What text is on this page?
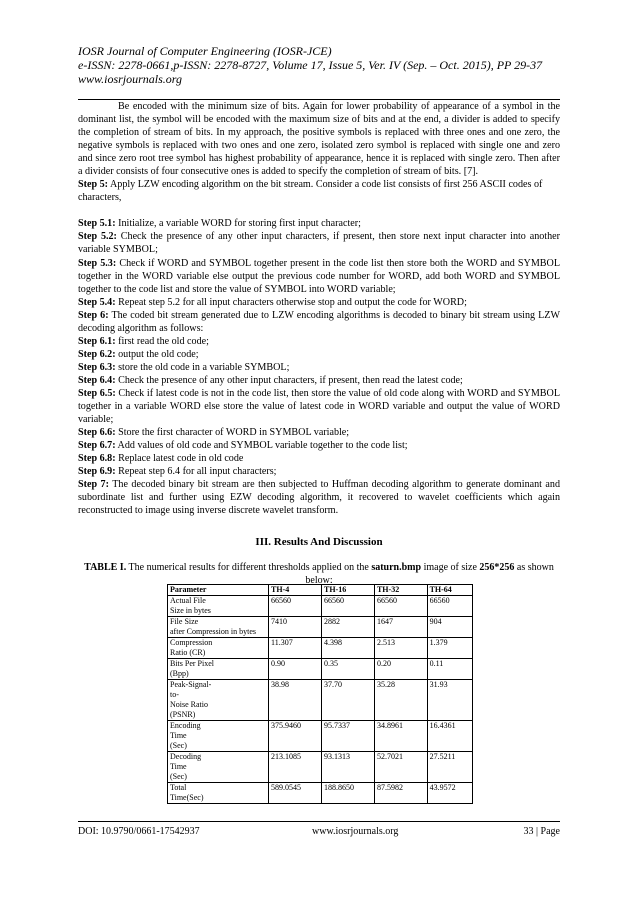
IOSR Journal of Computer Engineering (IOSR-JCE)
e-ISSN: 2278-0661,p-ISSN: 2278-8727, Volume 17, Issue 5, Ver. IV (Sep. – Oct. 2015), PP 29-37
www.iosrjournals.org

Be encoded with the minimum size of bits. Again for lower probability of appearance of a symbol in the dominant list, the symbol will be encoded with the maximum size of bits and at the end, a divider is added to specify the completion of stream of bits. In my approach, the positive symbols is replaced with three ones and one zero, the negative symbols is replaced with two ones and one zero, isolated zero symbol is replaced with single one and zero and since zero root tree symbol has highest probability of appearance, hence it is replaced with single zero. Then after a divider consists of four consecutive ones is added to specify the completion of stream of bits. [7].

Step 5: Apply LZW encoding algorithm on the bit stream. Consider a code list consists of first 256 ASCII codes of

characters,

Step 5.1: Initialize, a variable WORD for storing first input character;

Step 5.2: Check the presence of any other input characters, if present, then store next input character into another variable SYMBOL;

Step 5.3: Check if WORD and SYMBOL together present in the code list then store both the WORD and SYMBOL together in the WORD variable else output the previous code number for WORD, add both WORD and SYMBOL together to the code list and store the value of SYMBOL into WORD variable;

Step 5.4: Repeat step 5.2 for all input characters otherwise stop and output the code for WORD;

Step 6: The coded bit stream generated due to LZW encoding algorithms is decoded to binary bit stream using LZW decoding algorithm as follows:

Step 6.1: first read the old code;

Step 6.2: output the old code;

Step 6.3: store the old code in a variable SYMBOL;

Step 6.4: Check the presence of any other input characters, if present, then read the latest code;

Step 6.5: Check if latest code is not in the code list, then store the value of old code along with WORD and SYMBOL together in a variable WORD else store the value of latest code in WORD variable and output the value of WORD variable;

Step 6.6: Store the first character of WORD in SYMBOL variable;

Step 6.7: Add values of old code and SYMBOL variable together to the code list;

Step 6.8: Replace latest code in old code

Step 6.9: Repeat step 6.4 for all input characters;

Step 7: The decoded binary bit stream are then subjected to Huffman decoding algorithm to generate dominant and subordinate list and further using EZW decoding algorithm, it recovered to wavelet coefficients which again reconstructed to image using inverse discrete wavelet transform.

III. Results And Discussion
TABLE I. The numerical results for different thresholds applied on the saturn.bmp image of size 256*256 as shown below:
Parameter	TH-4	TH-16	TH-32	TH-64

Actual File
Size in bytes	66560	66560	66560	66560

File Size
after Compression in bytes	7410	2882	1647	904

Compression
Ratio (CR)	11.307	4.398	2.513	1.379

Bits Per Pixel
(Bpp)	0.90	0.35	0.20	0.11

Peak-Signal-
to-
Noise Ratio
(PSNR)	38.98	37.70	35.28	31.93

Encoding
Time
(Sec)	375.9460	95.7337	34.8961	16.4361

Decoding
Time
(Sec)	213.1085	93.1313	52.7021	27.5211

Total
Time(Sec)	589.0545	188.8650	87.5982	43.9572
DOI: 10.9790/0661-17542937	www.iosrjournals.org	33 | Page
